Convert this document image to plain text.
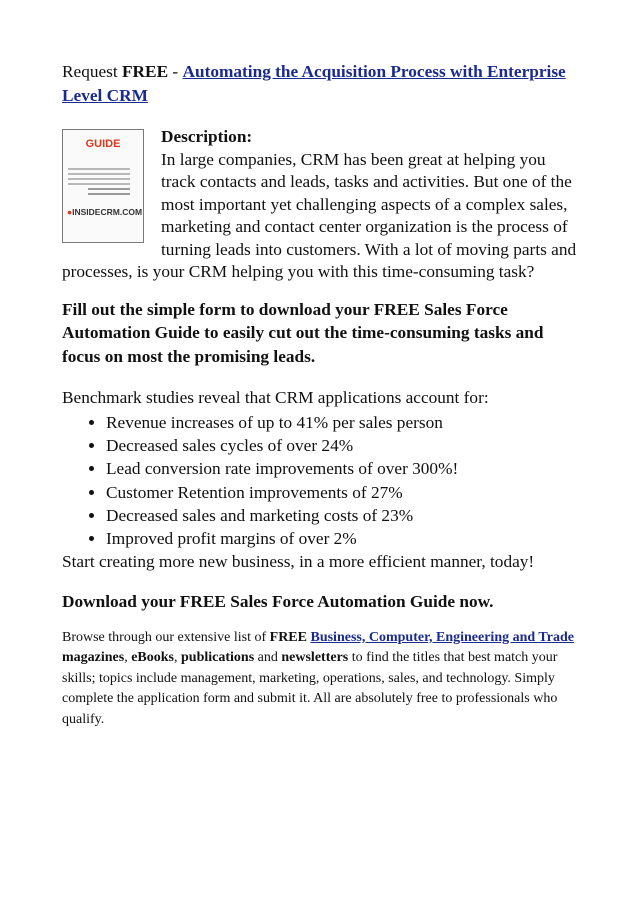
Request FREE - Automating the Acquisition Process with Enterprise Level CRM

GUIDE
●INSIDECRM.COM
Description:
In large companies, CRM has been great at helping you track contacts and leads, tasks and activities. But one of the most important yet challenging aspects of a complex sales, marketing and contact center organization is the process of turning leads into customers. With a lot of moving parts and processes, is your CRM helping you with this time-consuming task?

Fill out the simple form to download your FREE Sales Force Automation Guide to easily cut out the time-consuming tasks and focus on most the promising leads.

Benchmark studies reveal that CRM applications account for:

• Revenue increases of up to 41% per sales person
• Decreased sales cycles of over 24%
• Lead conversion rate improvements of over 300%!
• Customer Retention improvements of 27%
• Decreased sales and marketing costs of 23%
• Improved profit margins of over 2%

Start creating more new business, in a more efficient manner, today!

Download your FREE Sales Force Automation Guide now.

Browse through our extensive list of FREE Business, Computer, Engineering and Trade magazines, eBooks, publications and newsletters to find the titles that best match your skills; topics include management, marketing, operations, sales, and technology. Simply complete the application form and submit it. All are absolutely free to professionals who qualify.
